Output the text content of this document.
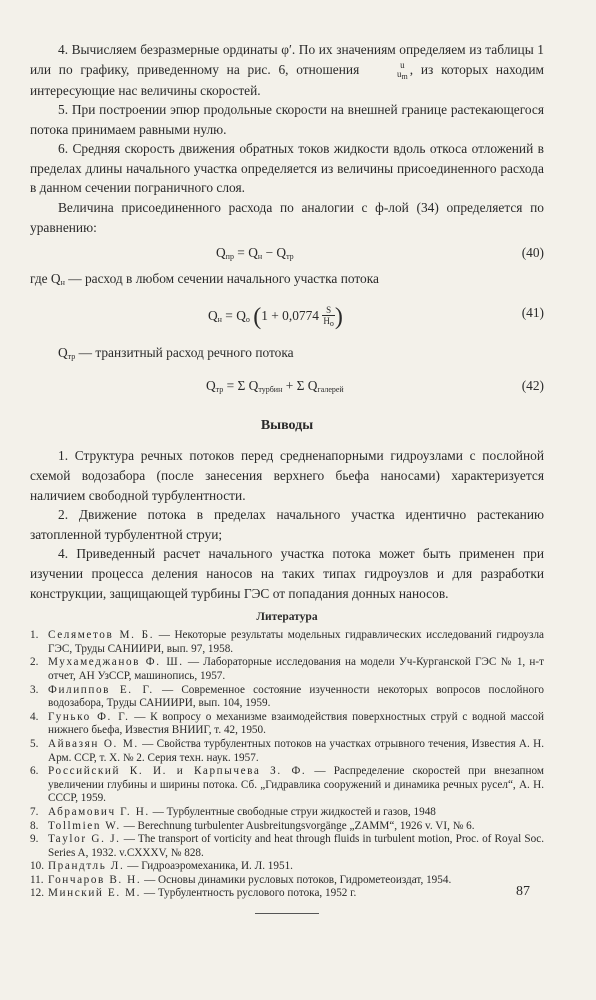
4. Вычисляем безразмерные ординаты φ′. По их значениям определяем из таблицы 1 или по графику, приведенному на рис. 6, отношения	u
um , из которых находим интересующие нас величины скоростей.

5. При построении эпюр продольные скорости на внешней границе растекающегося потока принимаем равными нулю.

6. Средняя скорость движения обратных токов жидкости вдоль откоса отложений в пределах длины начального участка определяется из величины присоединенного расхода в данном сечении пограничного слоя.

Величина присоединенного расхода по аналогии с ф-лой (34) определяется по уравнению:

$Q_{пр} = Q_н - Q_{тр}$	(40)

где $Q_н$ — расход в любом сечении начального участка потока

$Q_н = Q_о$ ($1 + 0,0774 \frac{S}{Hо}$ )	(41)

$Q_{тр}$ — транзитный расход речного потока

$Q_{тр} = \Sigma$ $Q_{турбин} + \Sigma$ $Q_{галерей}$	(42)
Выводы

1. Структура речных потоков перед средненапорными гидроузлами с послойной схемой водозабора (после занесения верхнего бьефа наносами) характеризуется наличием свободной турбулентности.

2. Движение потока в пределах начального участка идентично растеканию затопленной турбулентной струи;

4. Приведенный расчет начального участка потока может быть применен при изучении процесса деления наносов на таких типах гидроузлов и для разработки конструкции, защищающей турбины ГЭС от попадания донных наносов.

Литература
1. Селяметов М. Б. — Некоторые результаты модельных гидравлических исследований гидроузла ГЭС, Труды САНИИРИ, вып. 97, 1958.
2. Мухамеджанов Ф. Ш. — Лабораторные исследования на модели Уч-Курганской ГЭС № 1, н-т отчет, АН УзССР, машинопись, 1957.
3. Филиппов Е. Г. — Современное состояние изученности некоторых вопросов послойного водозабора, Труды САНИИРИ, вып. 104, 1959.
4. Гунько Ф. Г. — К вопросу о механизме взаимодействия поверхностных струй с водной массой нижнего бьефа, Известия ВНИИГ, т. 42, 1950.
5. Айвазян О. М. — Свойства турбулентных потоков на участках отрывного течения, Известия А. Н. Арм. ССР, т. Х. № 2. Серия техн. наук. 1957.
6. Российский К. И. и Карпычева З. Ф. — Распределение скоростей при внезапном увеличении глубины и ширины потока. Сб. „Гидравлика сооружений и динамика речных русел“, А. Н. СССР, 1959.
7. Абрамович Г. Н. — Турбулентные свободные струи жидкостей и газов, 1948
8. Tollmien W. — Berechnung turbulenter Ausbreitungsvorgänge „ZAMM“, 1926 v. VI, № 6.
9. Taylor G. J. — The transport of vorticity and heat through fluids in turbulent motion, Proc. of Royal Soc. Series A, 1932. v.CXXXV, № 828.
10. Прандтль Л. — Гидроаэромеханика, И. Л. 1951.
11. Гончаров В. Н. — Основы динамики русловых потоков, Гидрометеоиздат, 1954.
12. Минский Е. М. — Турбулентность руслового потока, 1952 г.	87
